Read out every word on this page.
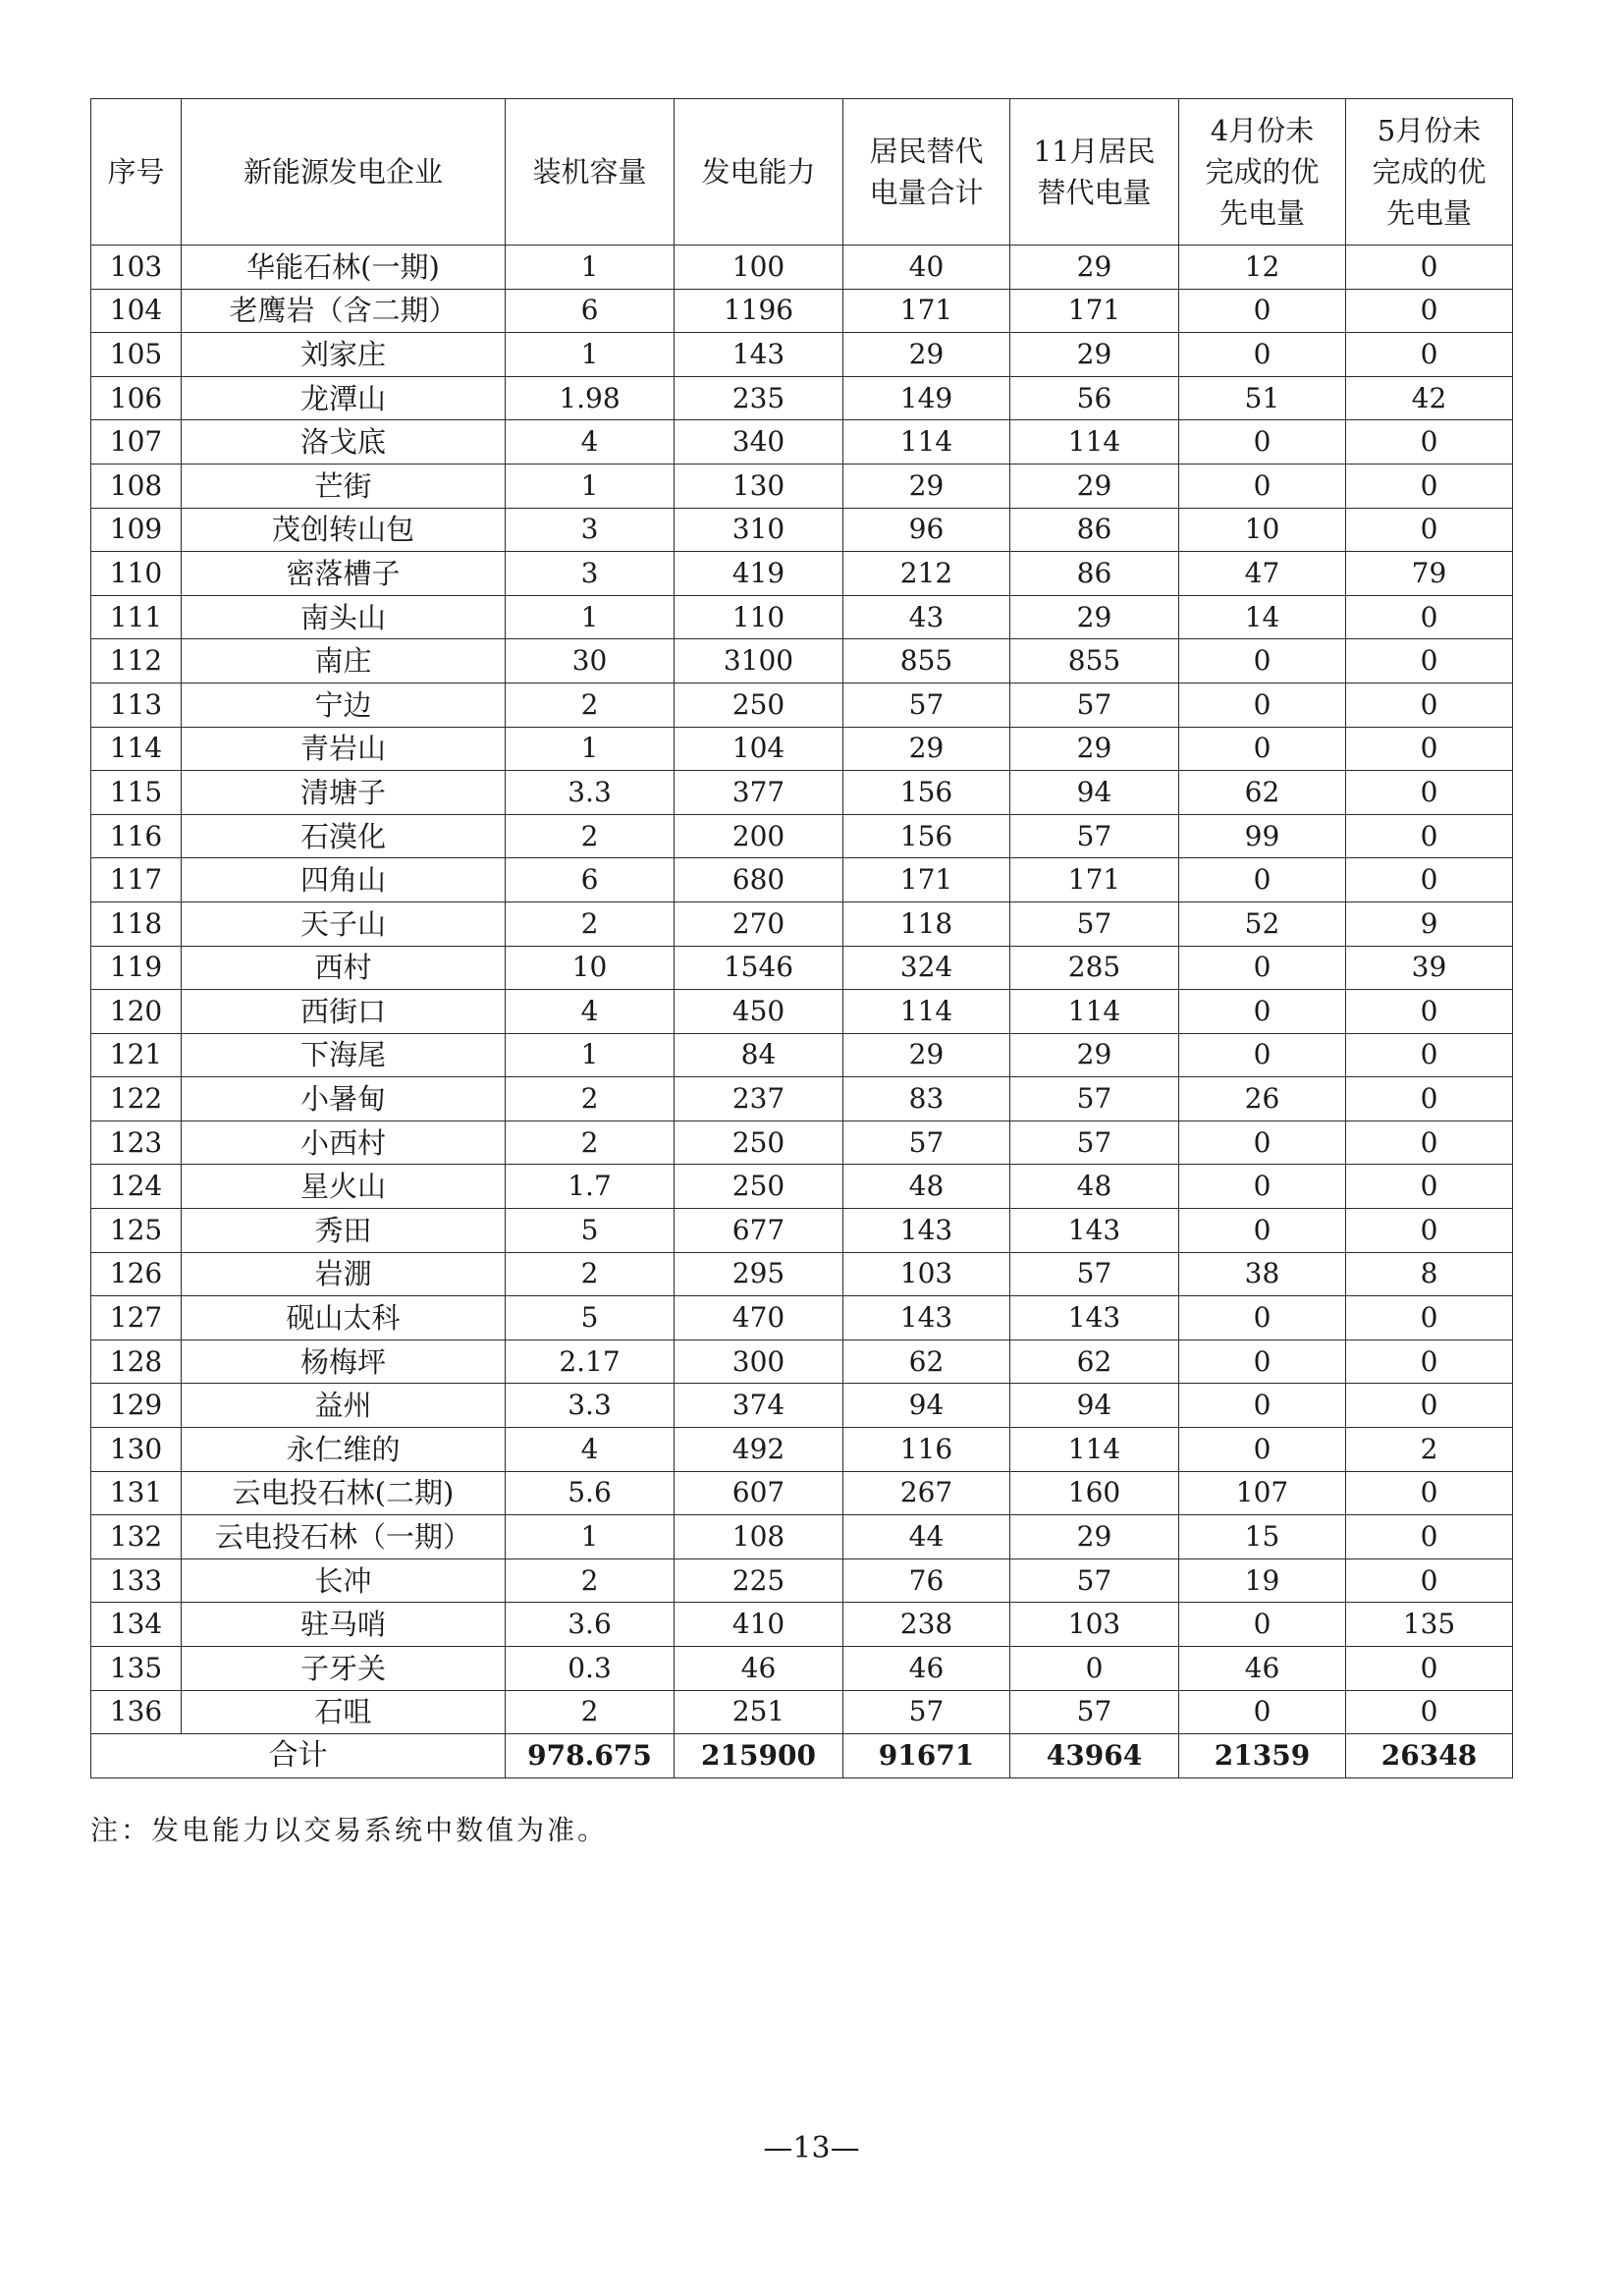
序号	新能源发电企业	装机容量	发电能力	居民替代电量合计	11月居民替代电量	4月份未完成的优先电量	5月份未完成的优先电量
103	华能石林(一期)	1	100	40	29	12	0
104	老鹰岩（含二期）	6	1196	171	171	0	0
105	刘家庄	1	143	29	29	0	0
106	龙潭山	1.98	235	149	56	51	42
107	洛戈底	4	340	114	114	0	0
108	芒街	1	130	29	29	0	0
109	茂创转山包	3	310	96	86	10	0
110	密落槽子	3	419	212	86	47	79
111	南头山	1	110	43	29	14	0
112	南庄	30	3100	855	855	0	0
113	宁边	2	250	57	57	0	0
114	青岩山	1	104	29	29	0	0
115	清塘子	3.3	377	156	94	62	0
116	石漠化	2	200	156	57	99	0
117	四角山	6	680	171	171	0	0
118	天子山	2	270	118	57	52	9
119	西村	10	1546	324	285	0	39
120	西街口	4	450	114	114	0	0
121	下海尾	1	84	29	29	0	0
122	小暑甸	2	237	83	57	26	0
123	小西村	2	250	57	57	0	0
124	星火山	1.7	250	48	48	0	0
125	秀田	5	677	143	143	0	0
126	岩淜	2	295	103	57	38	8
127	砚山太科	5	470	143	143	0	0
128	杨梅坪	2.17	300	62	62	0	0
129	益州	3.3	374	94	94	0	0
130	永仁维的	4	492	116	114	0	2
131	云电投石林(二期)	5.6	607	267	160	107	0
132	云电投石林（一期）	1	108	44	29	15	0
133	长冲	2	225	76	57	19	0
134	驻马哨	3.6	410	238	103	0	135
135	子牙关	0.3	46	46	0	46	0
136	石咀	2	251	57	57	0	0
合计		978.675	215900	91671	43964	21359	26348
注：发电能力以交易系统中数值为准。
—13—
